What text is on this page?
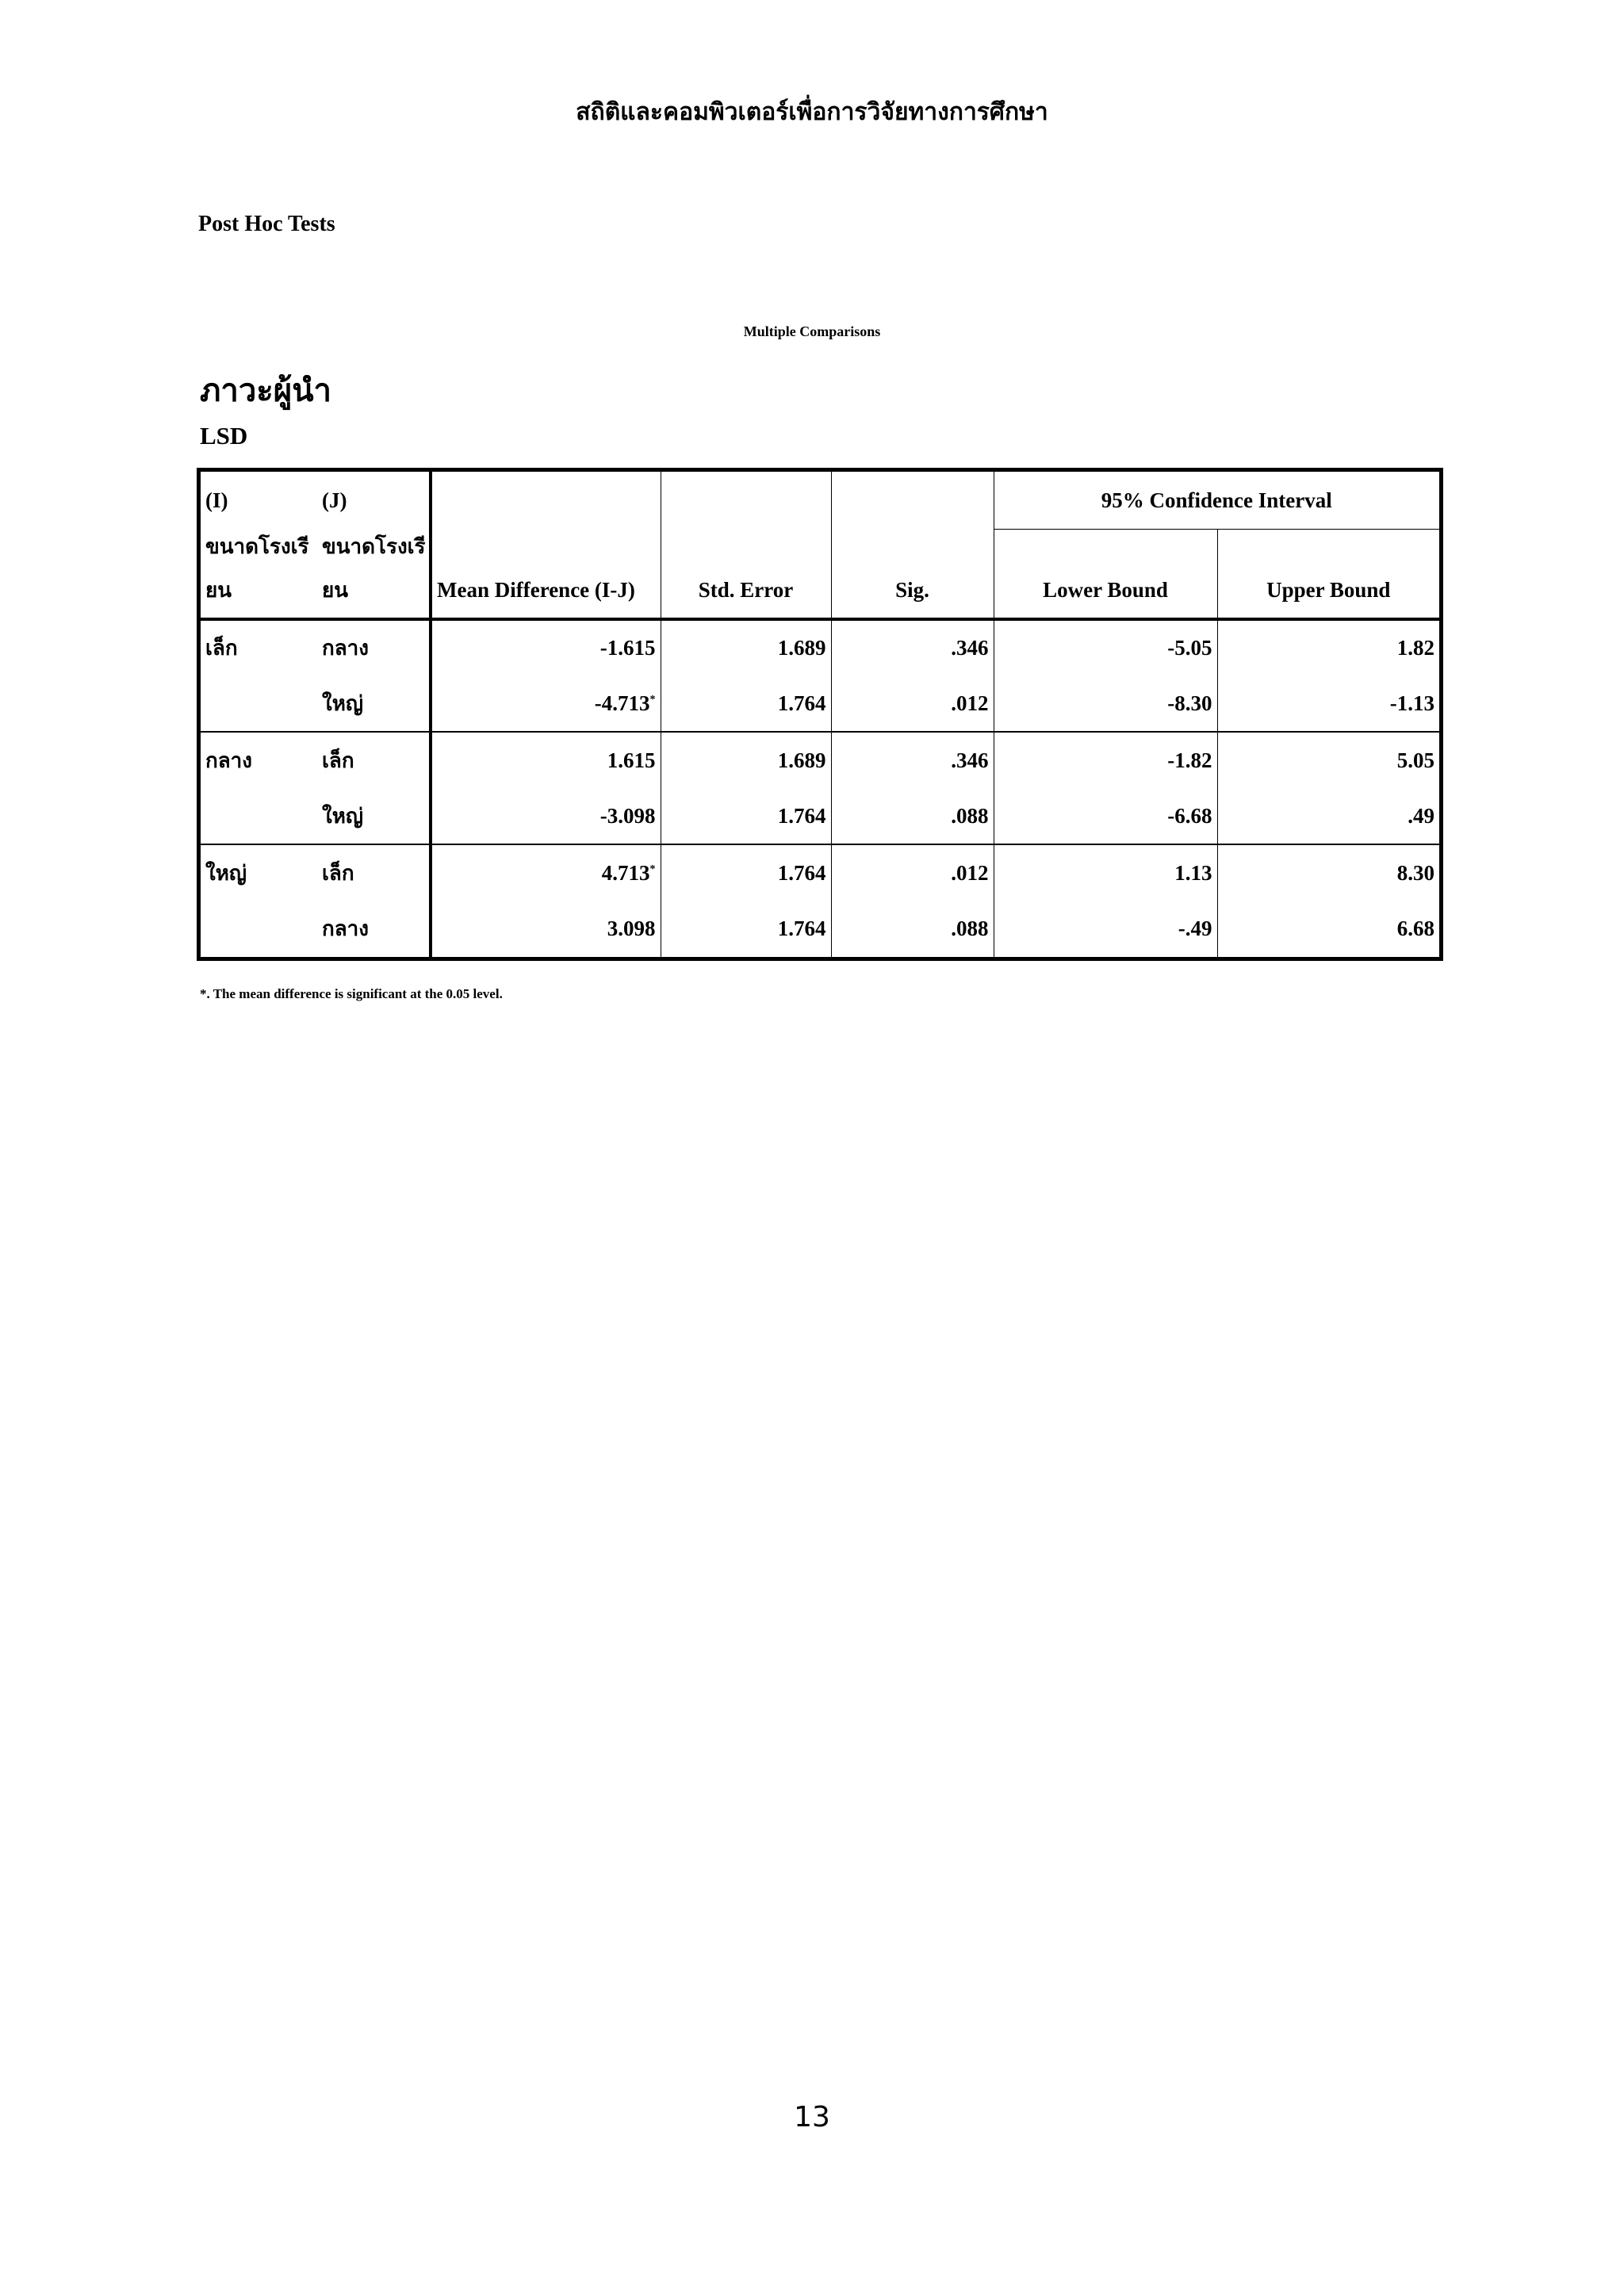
สถิติและคอมพิวเตอร์เพื่อการวิจัยทางการศึกษา
Post Hoc Tests
Multiple Comparisons
ภาวะผู้นำ
LSD
(I)	(J)				95% Confidence Interval	
ขนาดโรงเรี	ขนาดโรงเรี					
ยน	ยน	Mean Difference (I-J)	Std. Error	Sig.	Lower Bound	Upper Bound
เล็ก	กลาง	-1.615	1.689	.346	-5.05	1.82
	ใหญ่	-4.713*	1.764	.012	-8.30	-1.13
กลาง	เล็ก	1.615	1.689	.346	-1.82	5.05
	ใหญ่	-3.098	1.764	.088	-6.68	.49
ใหญ่	เล็ก	4.713*	1.764	.012	1.13	8.30
	กลาง	3.098	1.764	.088	-.49	6.68
*. The mean difference is significant at the 0.05 level.
13
